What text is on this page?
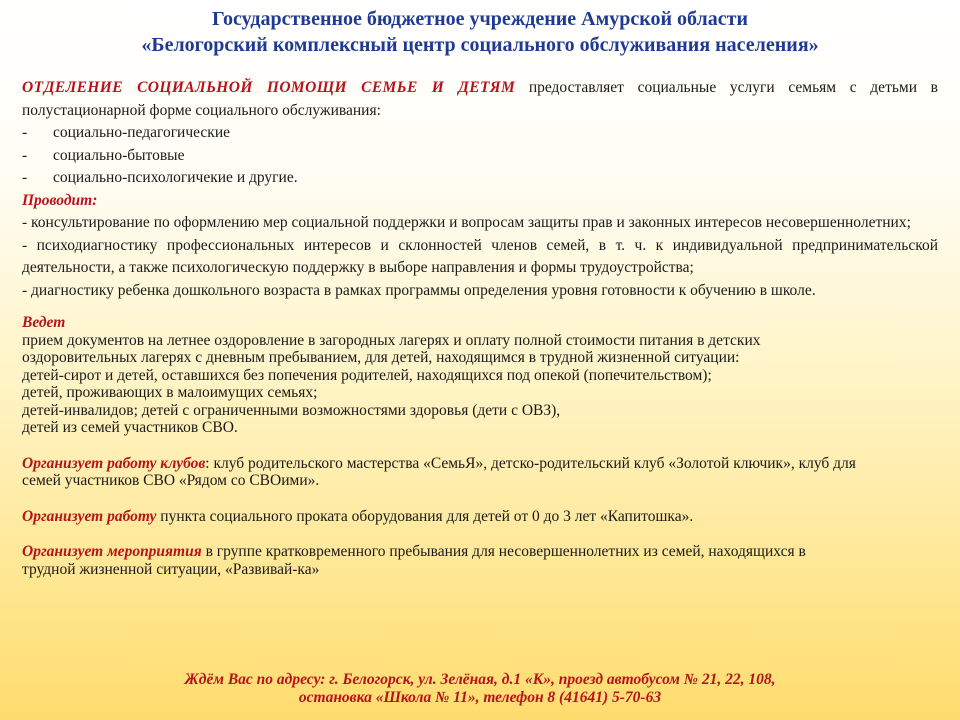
Государственное бюджетное учреждение Амурской области
«Белогорский комплексный центр социального обслуживания населения»
ОТДЕЛЕНИЕ СОЦИАЛЬНОЙ ПОМОЩИ СЕМЬЕ И ДЕТЯМ предоставляет социальные услуги семьям с детьми в полустационарной форме социального обслуживания:
-	социально-педагогические
-	социально-бытовые
-	социально-психологичекие и другие.
Проводит:
- консультирование по оформлению мер социальной поддержки и вопросам защиты прав и законных интересов несовершеннолетних;
- психодиагностику профессиональных интересов и склонностей членов семей, в т. ч. к индивидуальной предпринимательской деятельности, а также психологическую поддержку в выборе направления и формы трудоустройства;
- диагностику ребенка дошкольного возраста в рамках программы определения уровня готовности к обучению в школе.
Ведет
прием документов на летнее оздоровление в загородных лагерях и оплату полной стоимости питания в детских
оздоровительных лагерях с дневным пребыванием, для детей, находящимся в трудной жизненной ситуации:
детей-сирот и детей, оставшихся без попечения родителей, находящихся под опекой (попечительством);
детей, проживающих в малоимущих семьях;
детей-инвалидов; детей с ограниченными возможностями здоровья (дети с ОВЗ),
детей из семей участников СВО.
Организует работу клубов: клуб родительского мастерства «СемьЯ», детско-родительский клуб «Золотой ключик», клуб для семей участников СВО «Рядом со СВОими».
Организует работу пункта социального проката оборудования для детей от 0 до 3 лет «Капитошка».
Организует мероприятия в группе кратковременного пребывания для несовершеннолетних из семей, находящихся в трудной жизненной ситуации, «Развивай-ка»
Ждём Вас по адресу: г. Белогорск, ул. Зелёная, д.1 «К», проезд автобусом № 21, 22, 108,
остановка «Школа № 11», телефон 8 (41641) 5-70-63
